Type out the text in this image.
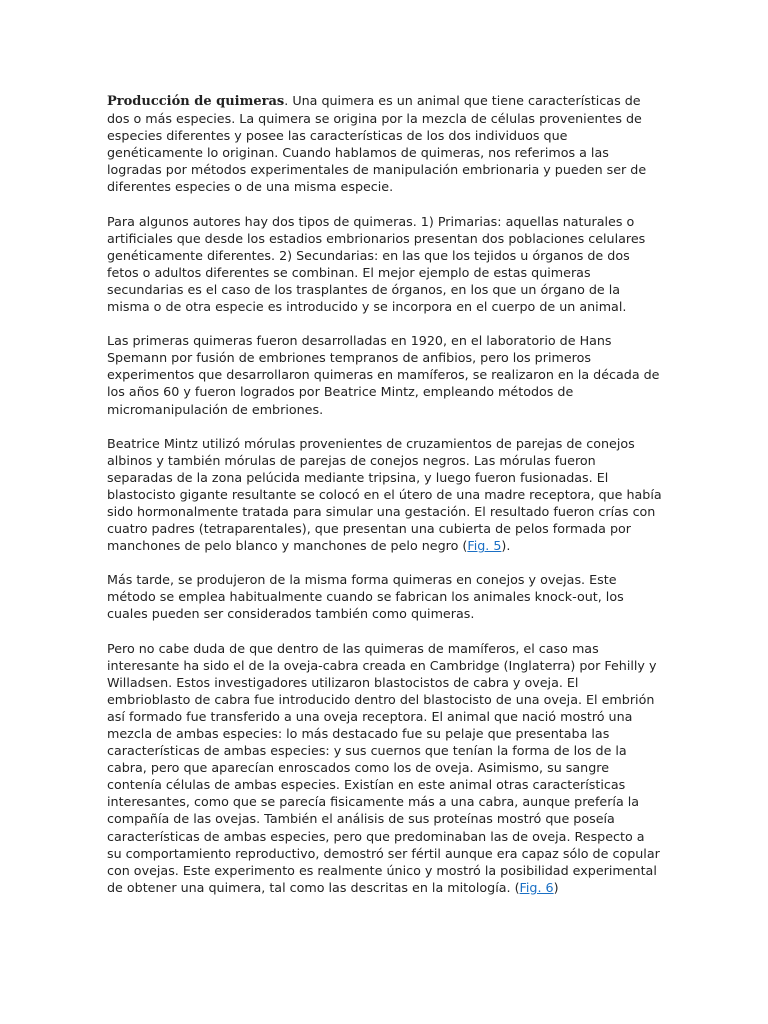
Producción de quimeras. Una quimera es un animal que tiene características de dos o más especies. La quimera se origina por la mezcla de células provenientes de especies diferentes y posee las características de los dos individuos que genéticamente lo originan. Cuando hablamos de quimeras, nos referimos a las logradas por métodos experimentales de manipulación embrionaria y pueden ser de diferentes especies o de una misma especie.

Para algunos autores hay dos tipos de quimeras. 1) Primarias: aquellas naturales o artificiales que desde los estadios embrionarios presentan dos poblaciones celulares genéticamente diferentes. 2) Secundarias: en las que los tejidos u órganos de dos fetos o adultos diferentes se combinan. El mejor ejemplo de estas quimeras secundarias es el caso de los trasplantes de órganos, en los que un órgano de la misma o de otra especie es introducido y se incorpora en el cuerpo de un animal.

Las primeras quimeras fueron desarrolladas en 1920, en el laboratorio de Hans Spemann por fusión de embriones tempranos de anfibios, pero los primeros experimentos que desarrollaron quimeras en mamíferos, se realizaron en la década de los años 60 y fueron logrados por Beatrice Mintz, empleando métodos de micromanipulación de embriones.

Beatrice Mintz utilizó mórulas provenientes de cruzamientos de parejas de conejos albinos y también mórulas de parejas de conejos negros. Las mórulas fueron separadas de la zona pelúcida mediante tripsina, y luego fueron fusionadas. El blastocisto gigante resultante se colocó en el útero de una madre receptora, que había sido hormonalmente tratada para simular una gestación. El resultado fueron crías con cuatro padres (tetraparentales), que presentan una cubierta de pelos formada por manchones de pelo blanco y manchones de pelo negro (Fig. 5).

Más tarde, se produjeron de la misma forma quimeras en conejos y ovejas. Este método se emplea habitualmente cuando se fabrican los animales knock-out, los cuales pueden ser considerados también como quimeras.

Pero no cabe duda de que dentro de las quimeras de mamíferos, el caso mas interesante ha sido el de la oveja-cabra creada en Cambridge (Inglaterra) por Fehilly y Willadsen. Estos investigadores utilizaron blastocistos de cabra y oveja. El embrioblasto de cabra fue introducido dentro del blastocisto de una oveja. El embrión así formado fue transferido a una oveja receptora. El animal que nació mostró una mezcla de ambas especies: lo más destacado fue su pelaje que presentaba las características de ambas especies: y sus cuernos que tenían la forma de los de la cabra, pero que aparecían enroscados como los de oveja. Asimismo, su sangre contenía células de ambas especies. Existían en este animal otras características interesantes, como que se parecía fisicamente más a una cabra, aunque prefería la compañía de las ovejas. También el análisis de sus proteínas mostró que poseía características de ambas especies, pero que predominaban las de oveja. Respecto a su comportamiento reproductivo, demostró ser fértil aunque era capaz sólo de copular con ovejas. Este experimento es realmente único y mostró la posibilidad experimental de obtener una quimera, tal como las descritas en la mitología. (Fig. 6)
